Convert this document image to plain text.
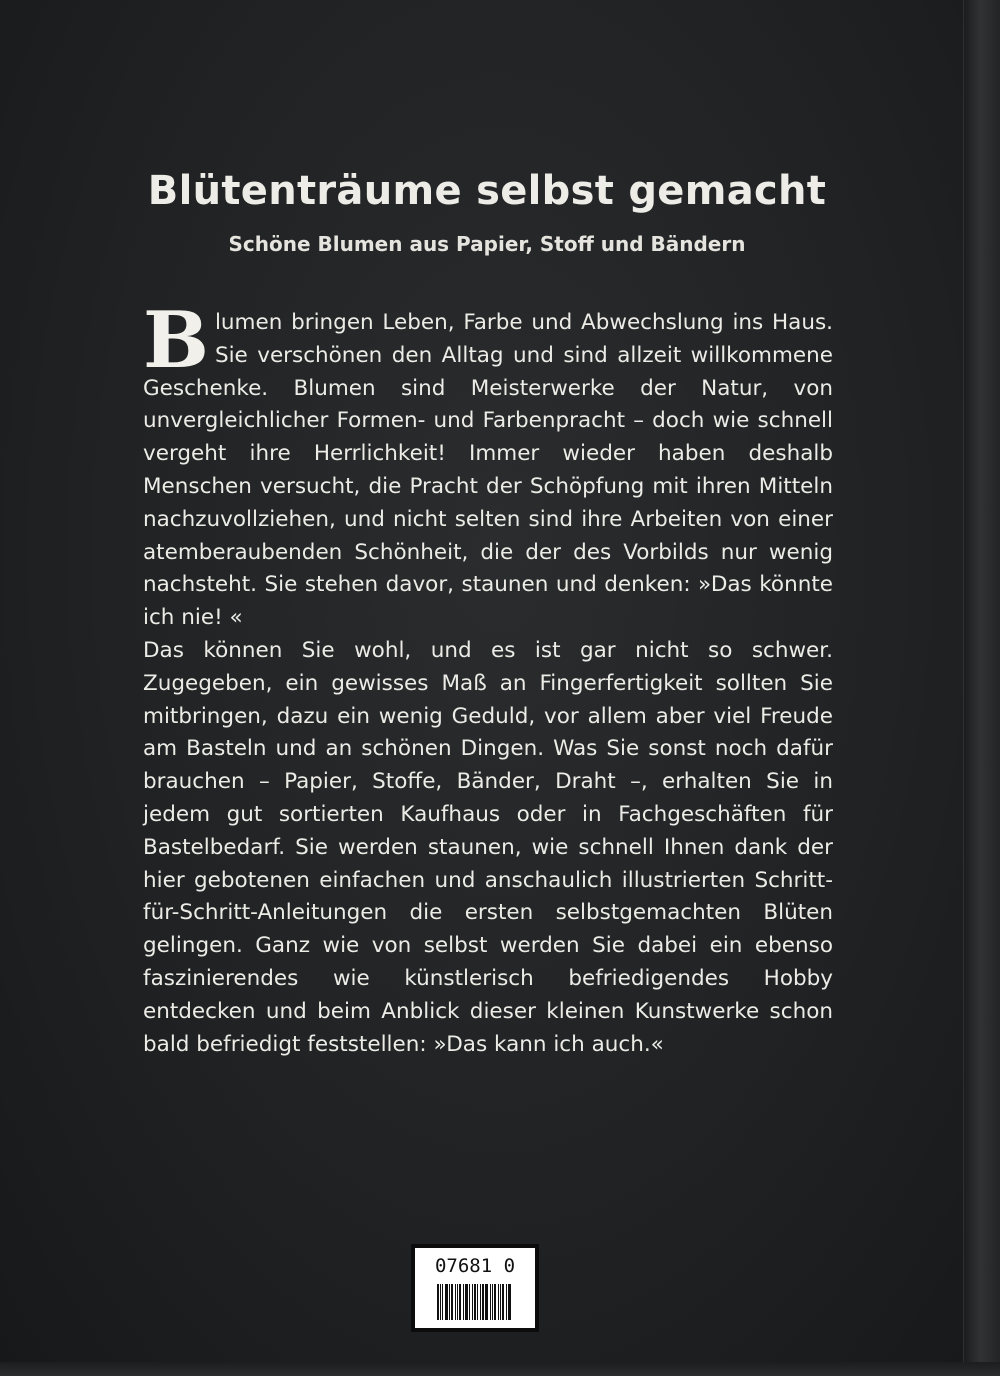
Blütenträume selbst gemacht
Schöne Blumen aus Papier, Stoff und Bändern

Blumen bringen Leben, Farbe und Abwechslung ins Haus. Sie verschönen den Alltag und sind allzeit willkommene Geschenke. Blumen sind Meisterwerke der Natur, von unvergleichlicher Formen- und Farbenpracht – doch wie schnell vergeht ihre Herrlichkeit! Immer wieder haben deshalb Menschen versucht, die Pracht der Schöpfung mit ihren Mitteln nachzuvollziehen, und nicht selten sind ihre Arbeiten von einer atemberaubenden Schönheit, die der des Vorbilds nur wenig nachsteht. Sie stehen davor, staunen und denken: »Das könnte ich nie! «

Das können Sie wohl, und es ist gar nicht so schwer. Zugegeben, ein gewisses Maß an Fingerfertigkeit sollten Sie mitbringen, dazu ein wenig Geduld, vor allem aber viel Freude am Basteln und an schönen Dingen. Was Sie sonst noch dafür brauchen – Papier, Stoffe, Bänder, Draht –, erhalten Sie in jedem gut sortierten Kaufhaus oder in Fachgeschäften für Bastelbedarf. Sie werden staunen, wie schnell Ihnen dank der hier gebotenen einfachen und anschaulich illustrierten Schritt-für-Schritt-Anleitungen die ersten selbstgemachten Blüten gelingen. Ganz wie von selbst werden Sie dabei ein ebenso faszinierendes wie künstlerisch befriedigendes Hobby entdecken und beim Anblick dieser kleinen Kunstwerke schon bald befriedigt feststellen: »Das kann ich auch.«

07681 0
